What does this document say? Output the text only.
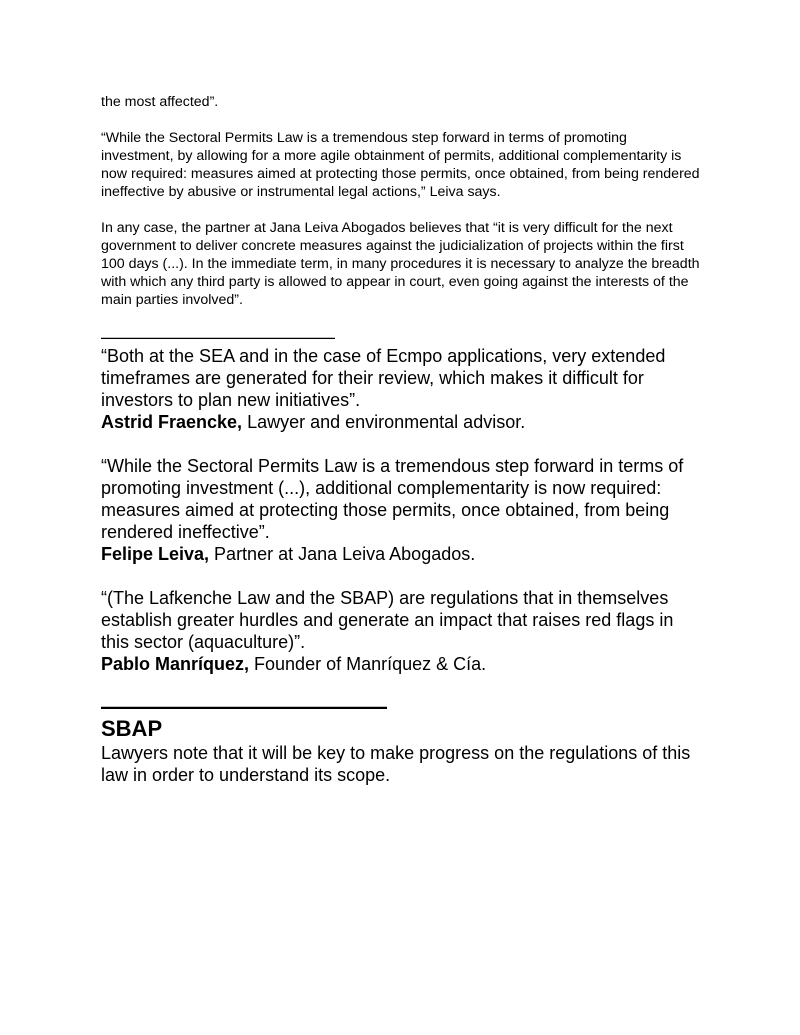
the most affected”.

“While the Sectoral Permits Law is a tremendous step forward in terms of promoting investment, by allowing for a more agile obtainment of permits, additional complementarity is now required: measures aimed at protecting those permits, once obtained, from being rendered ineffective by abusive or instrumental legal actions,” Leiva says.

In any case, the partner at Jana Leiva Abogados believes that “it is very difficult for the next government to deliver concrete measures against the judicialization of projects within the first 100 days (...). In the immediate term, in many procedures it is necessary to analyze the breadth with which any third party is allowed to appear in court, even going against the interests of the main parties involved”.

—————————————

“Both at the SEA and in the case of Ecmpo applications, very extended timeframes are generated for their review, which makes it difficult for investors to plan new initiatives”.

Astrid Fraencke, Lawyer and environmental advisor.

“While the Sectoral Permits Law is a tremendous step forward in terms of promoting investment (...), additional complementarity is now required: measures aimed at protecting those permits, once obtained, from being rendered ineffective”.

Felipe Leiva, Partner at Jana Leiva Abogados.

“(The Lafkenche Law and the SBAP) are regulations that in themselves establish greater hurdles and generate an impact that raises red flags in this sector (aquaculture)”.

Pablo Manríquez, Founder of Manríquez & Cía.

—————————————
SBAP

Lawyers note that it will be key to make progress on the regulations of this law in order to understand its scope.
